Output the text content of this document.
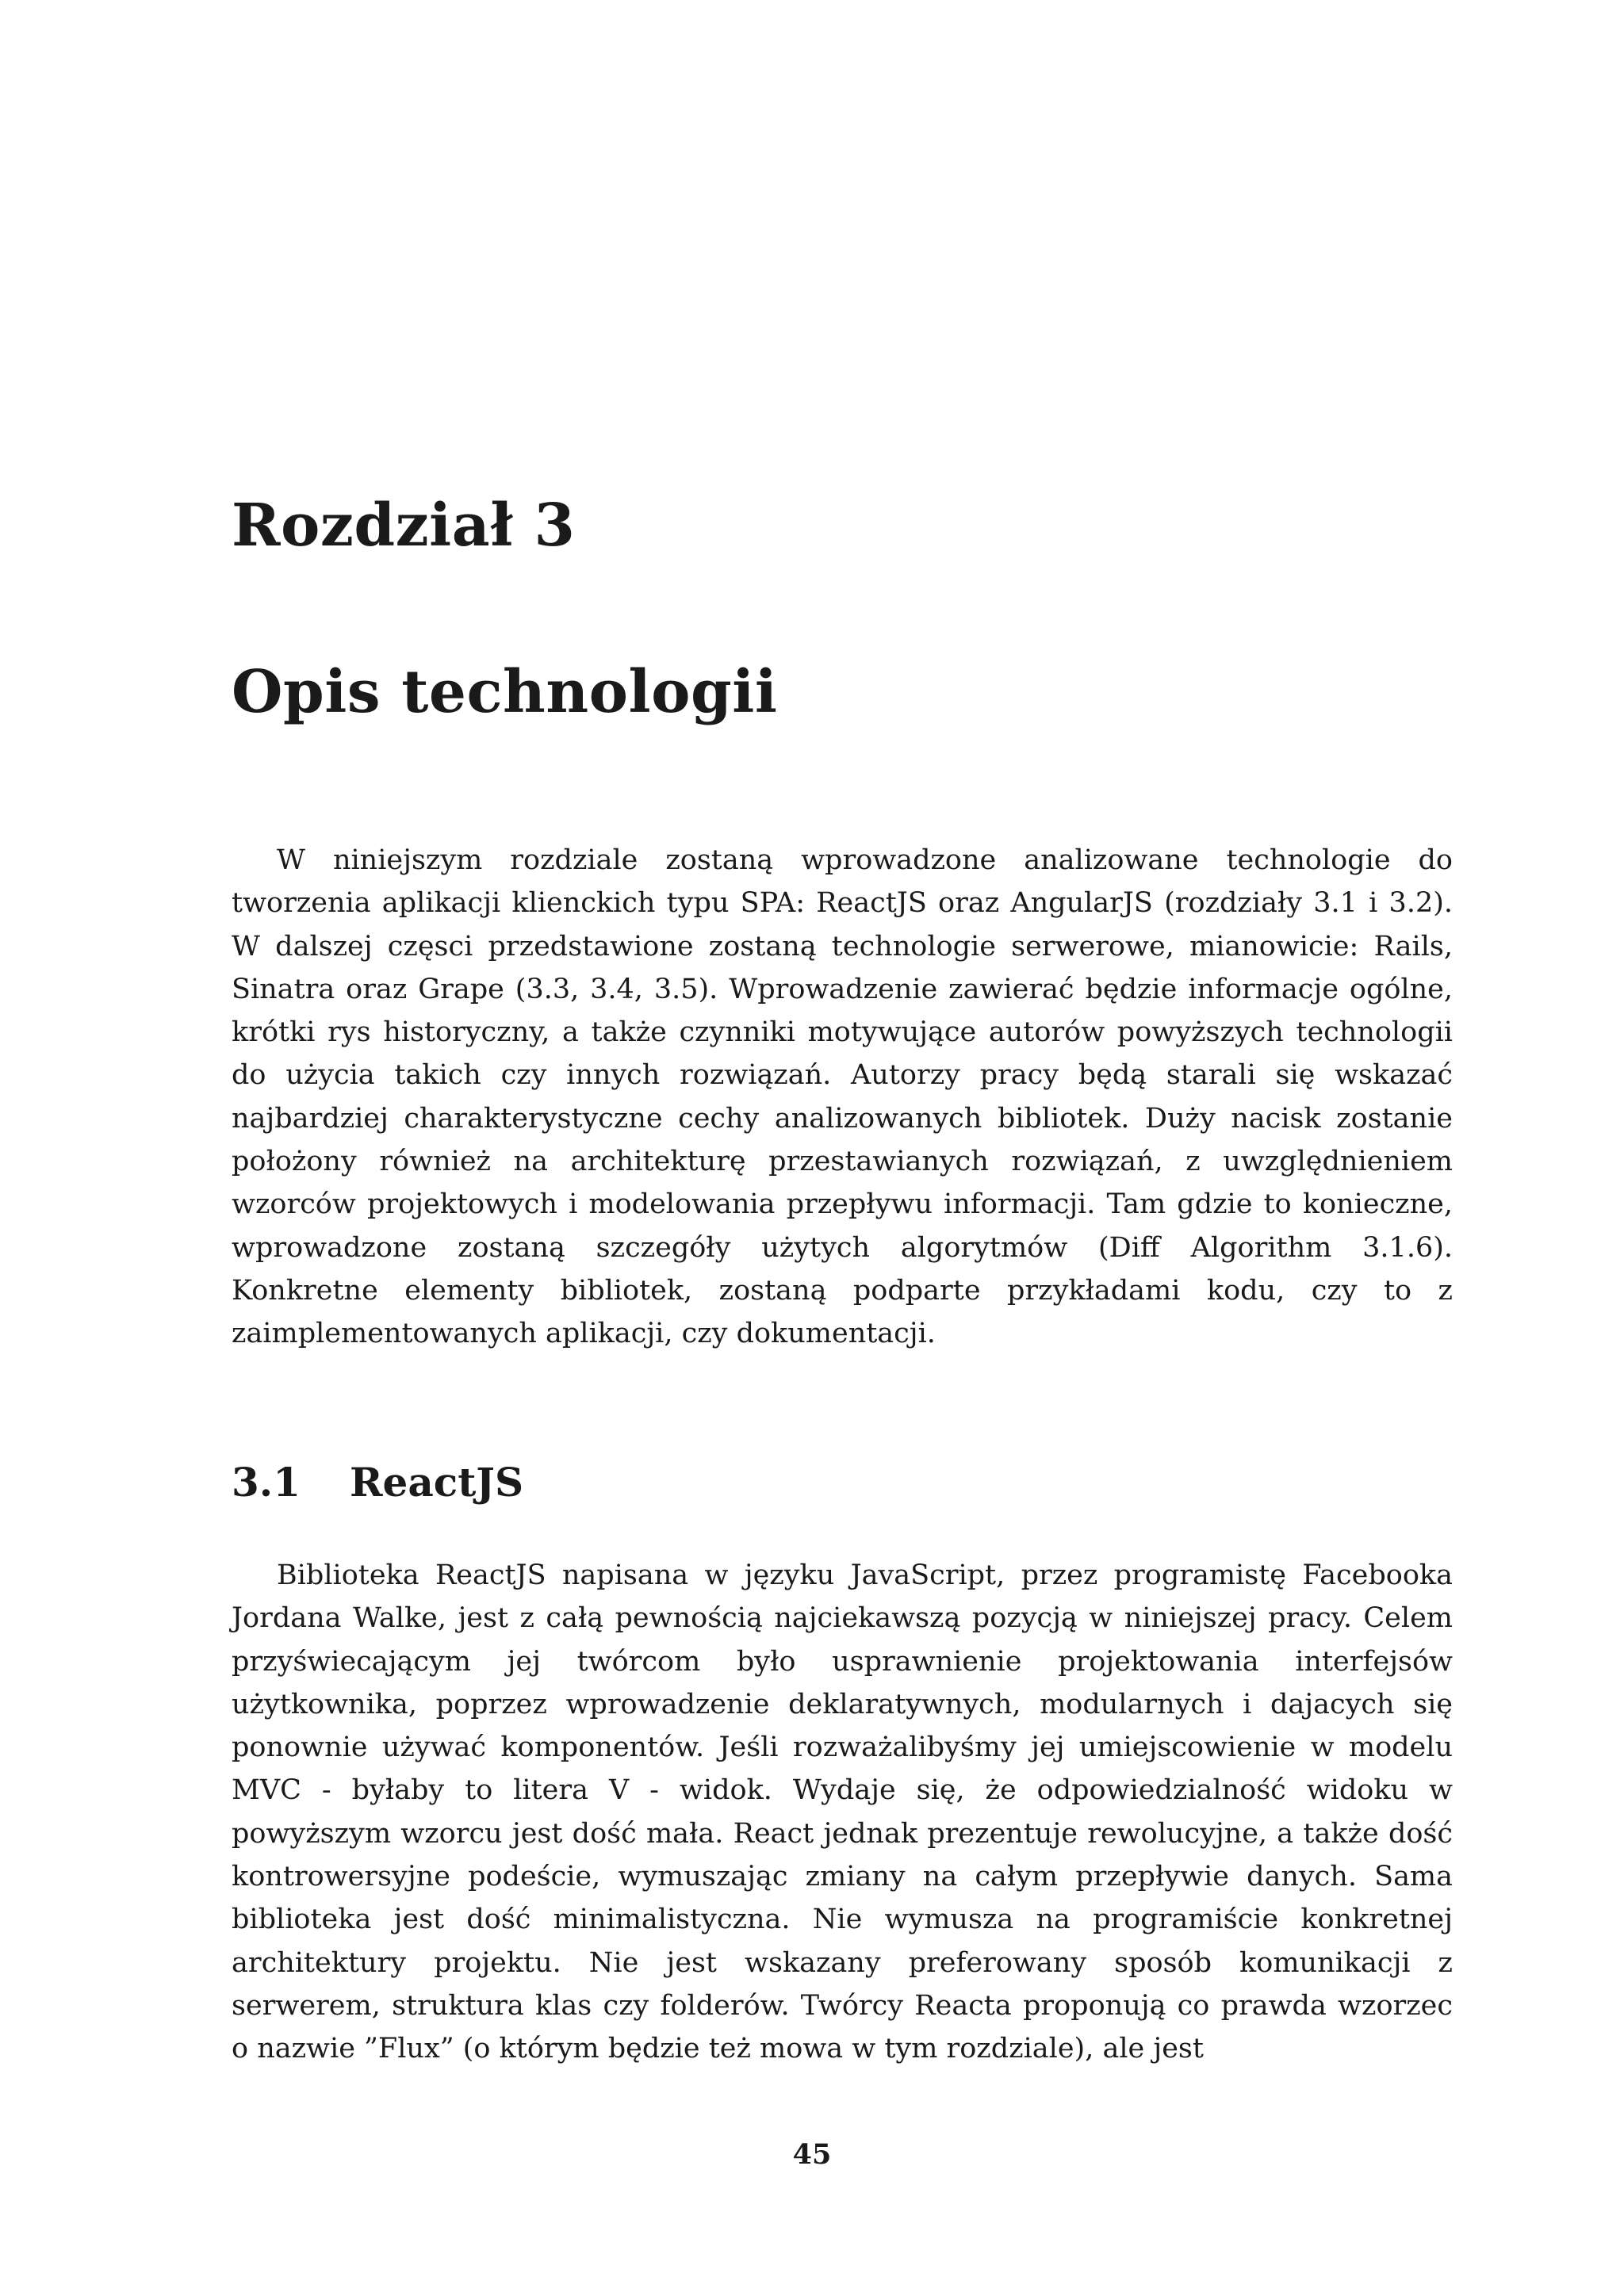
Rozdział 3
Opis technologii

W niniejszym rozdziale zostaną wprowadzone analizowane technologie do tworzenia aplikacji klienckich typu SPA: ReactJS oraz AngularJS (rozdziały 3.1 i 3.2). W dalszej częsci przedstawione zostaną technologie serwerowe, mianowicie: Rails, Sinatra oraz Grape (3.3, 3.4, 3.5). Wprowadzenie zawierać będzie informacje ogólne, krótki rys historyczny, a także czynniki motywujące autorów powyższych technologii do użycia takich czy innych rozwiązań. Autorzy pracy będą starali się wskazać najbardziej charakterystyczne cechy analizowanych bibliotek. Duży nacisk zostanie położony również na architekturę przestawianych rozwiązań, z uwzględnieniem wzorców projektowych i modelowania przepływu informacji. Tam gdzie to konieczne, wprowadzone zostaną szczegóły użytych algorytmów (Diff Algorithm 3.1.6). Konkretne elementy bibliotek, zostaną podparte przykładami kodu, czy to z zaimplementowanych aplikacji, czy dokumentacji.

3.1 ReactJS

Biblioteka ReactJS napisana w języku JavaScript, przez programistę Facebooka Jordana Walke, jest z całą pewnością najciekawszą pozycją w niniejszej pracy. Celem przyświecającym jej twórcom było usprawnienie projektowania interfejsów użytkownika, poprzez wprowadzenie deklaratywnych, modularnych i dajacych się ponownie używać komponentów. Jeśli rozważalibyśmy jej umiejscowienie w modelu MVC - byłaby to litera V - widok. Wydaje się, że odpowiedzialność widoku w powyższym wzorcu jest dość mała. React jednak prezentuje rewolucyjne, a także dość kontrowersyjne podeście, wymuszając zmiany na całym przepływie danych. Sama biblioteka jest dość minimalistyczna. Nie wymusza na programiście konkretnej architektury projektu. Nie jest wskazany preferowany sposób komunikacji z serwerem, struktura klas czy folderów. Twórcy Reacta proponują co prawda wzorzec o nazwie ”Flux” (o którym będzie też mowa w tym rozdziale), ale jest

45
